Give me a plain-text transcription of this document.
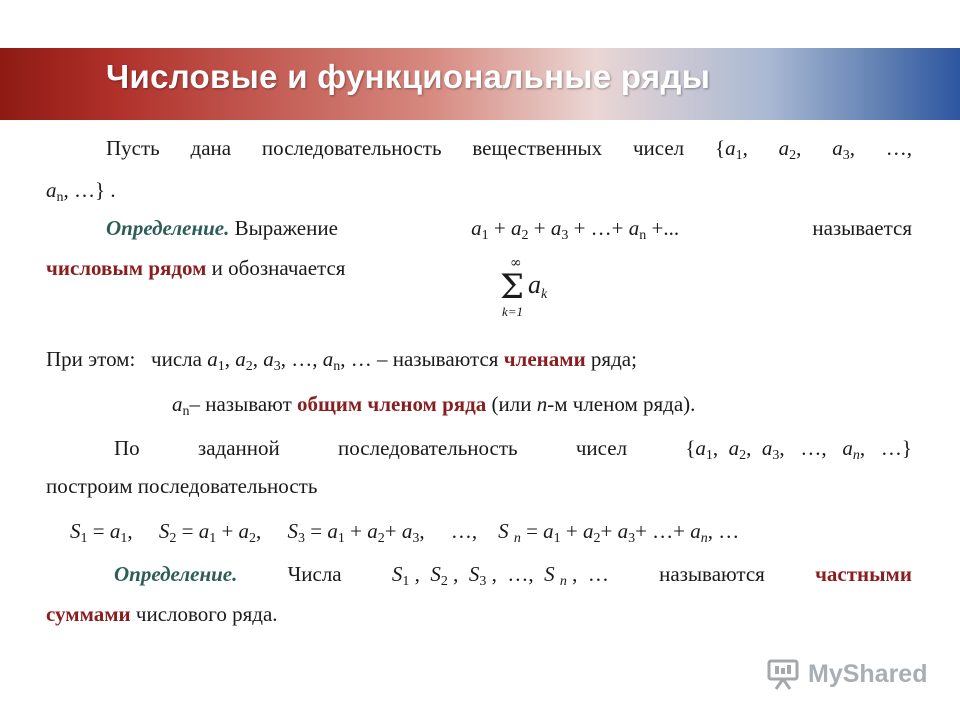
Числовые и функциональные ряды
Пусть дана последовательность вещественных чисел {$a_1$, $a_2$, $a_3$, …,
$a_n$, …} .
Определение. Выражение	$a_1 + a_2 + a_3$ + …+ $a_n$ +...	называется
числовым рядом и обозначается	∞
Σ a k
k=1
При этом: числа $a_1$, $a_2$, $a_3$, …, $a_n$, … – называются членами ряда;
$a_n-$ называют общим членом ряда (или n-м членом ряда).
По	заданной	последовательность	чисел	{$a_1$,  $a_2$,  $a_3$,   …,   $a_n$,   …}
построим последовательность
$S_1 = a_1$,     $S_2 = a_1 + a_2$,     $S_3 = a_1 + a_2+ a_3$,     …,    S $_n = a_1 + a_2+ a_3+$ …+ $a_n$, …
Определение. Числа $S_1$ ,  $S_2$ ,  $S_3$ ,  …,  S $_n$ ,  … называются частными
суммами числового ряда.
MyShared
